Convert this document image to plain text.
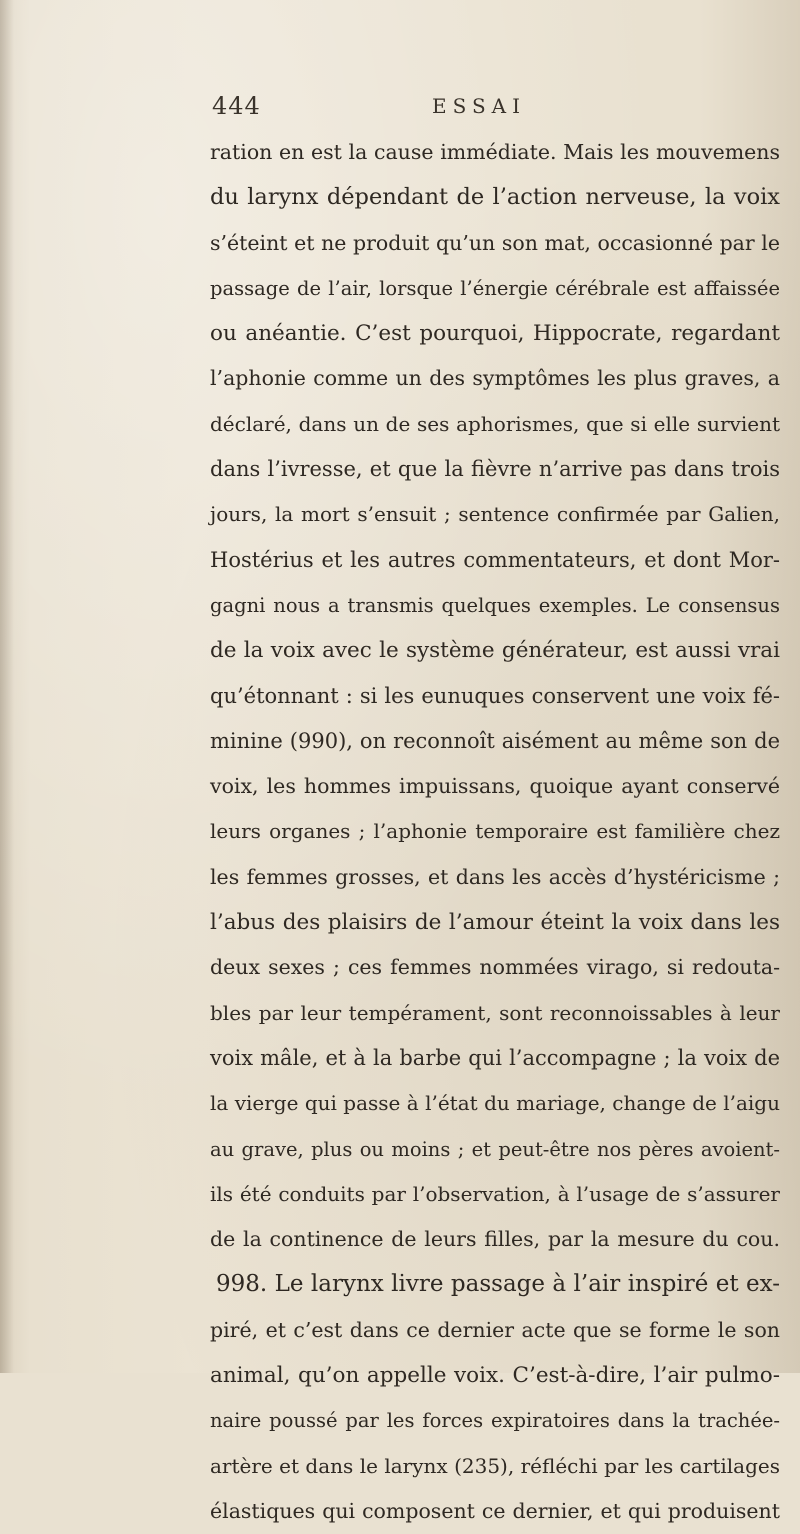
444	ESSAI
ration en est la cause immédiate. Mais les mouvemens
du larynx dépendant de l’action nerveuse, la voix
s’éteint et ne produit qu’un son mat, occasionné par le
passage de l’air, lorsque l’énergie cérébrale est affaissée
ou anéantie. C’est pourquoi, Hippocrate, regardant
l’aphonie comme un des symptômes les plus graves, a
déclaré, dans un de ses aphorismes, que si elle survient
dans l’ivresse, et que la fièvre n’arrive pas dans trois
jours, la mort s’ensuit ; sentence confirmée par Galien,
Hostérius et les autres commentateurs, et dont Mor-
gagni nous a transmis quelques exemples. Le consensus
de la voix avec le système générateur, est aussi vrai
qu’étonnant : si les eunuques conservent une voix fé-
minine (990), on reconnoît aisément au même son de
voix, les hommes impuissans, quoique ayant conservé
leurs organes ; l’aphonie temporaire est familière chez
les femmes grosses, et dans les accès d’hystéricisme ;
l’abus des plaisirs de l’amour éteint la voix dans les
deux sexes ; ces femmes nommées virago, si redouta-
bles par leur tempérament, sont reconnoissables à leur
voix mâle, et à la barbe qui l’accompagne ; la voix de
la vierge qui passe à l’état du mariage, change de l’aigu
au grave, plus ou moins ; et peut-être nos pères avoient-
ils été conduits par l’observation, à l’usage de s’assurer
de la continence de leurs filles, par la mesure du cou.
998. Le larynx livre passage à l’air inspiré et ex-
piré, et c’est dans ce dernier acte que se forme le son
animal, qu’on appelle voix. C’est-à-dire, l’air pulmo-
naire poussé par les forces expiratoires dans la trachée-
artère et dans le larynx (235), réfléchi par les cartilages
élastiques qui composent ce dernier, et qui produisent
